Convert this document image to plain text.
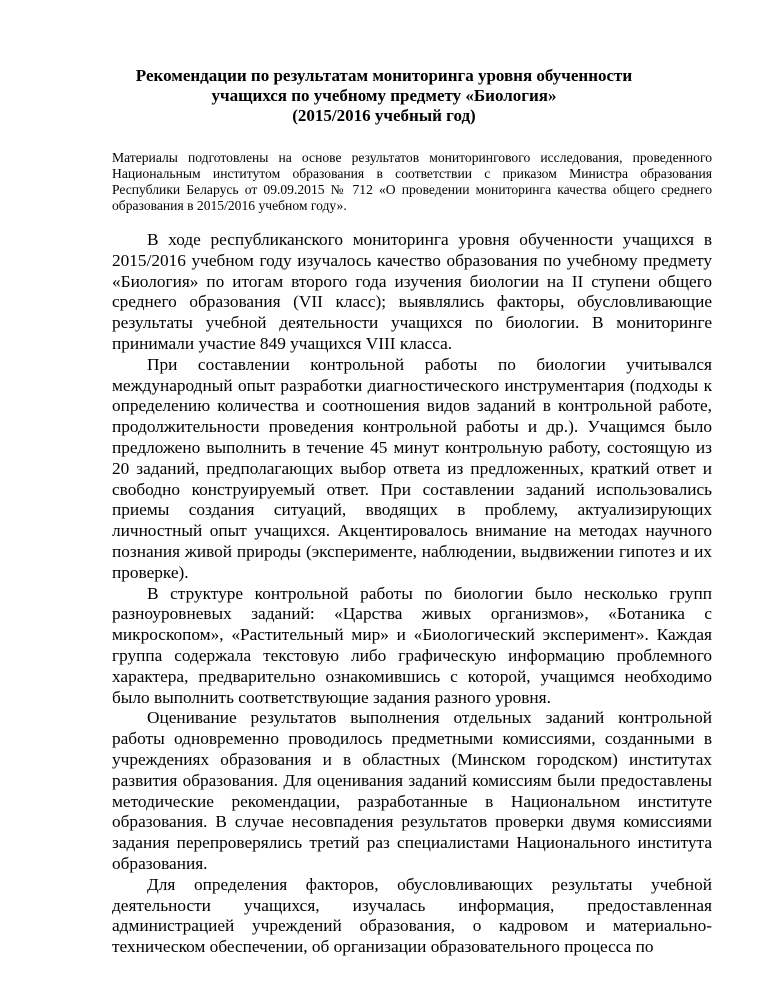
Рекомендации по результатам мониторинга уровня обученности
учащихся по учебному предмету «Биология»
(2015/2016 учебный год)

Материалы подготовлены на основе результатов мониторингового исследования, проведенного Национальным институтом образования в соответствии с приказом Министра образования Республики Беларусь от 09.09.2015 № 712 «О проведении мониторинга качества общего среднего образования в 2015/2016 учебном году».

В ходе республиканского мониторинга уровня обученности учащихся в 2015/2016 учебном году изучалось качество образования по учебному предмету «Биология» по итогам второго года изучения биологии на II ступени общего среднего образования (VII класс); выявлялись факторы, обусловливающие результаты учебной деятельности учащихся по биологии. В мониторинге принимали участие 849 учащихся VIII класса.

При составлении контрольной работы по биологии учитывался международный опыт разработки диагностического инструментария (подходы к определению количества и соотношения видов заданий в контрольной работе, продолжительности проведения контрольной работы и др.). Учащимся было предложено выполнить в течение 45 минут контрольную работу, состоящую из 20 заданий, предполагающих выбор ответа из предложенных, краткий ответ и свободно конструируемый ответ. При составлении заданий использовались приемы создания ситуаций, вводящих в проблему, актуализирующих личностный опыт учащихся. Акцентировалось внимание на методах научного познания живой природы (эксперименте, наблюдении, выдвижении гипотез и их проверке).

В структуре контрольной работы по биологии было несколько групп разноуровневых заданий: «Царства живых организмов», «Ботаника с микроскопом», «Растительный мир» и «Биологический эксперимент». Каждая группа содержала текстовую либо графическую информацию проблемного характера, предварительно ознакомившись с которой, учащимся необходимо было выполнить соответствующие задания разного уровня.

Оценивание результатов выполнения отдельных заданий контрольной работы одновременно проводилось предметными комиссиями, созданными в учреждениях образования и в областных (Минском городском) институтах развития образования. Для оценивания заданий комиссиям были предоставлены методические рекомендации, разработанные в Национальном институте образования. В случае несовпадения результатов проверки двумя комиссиями задания перепроверялись третий раз специалистами Национального института образования.

Для определения факторов, обусловливающих результаты учебной деятельности учащихся, изучалась информация, предоставленная администрацией учреждений образования, о кадровом и материально-техническом обеспечении, об организации образовательного процесса по
